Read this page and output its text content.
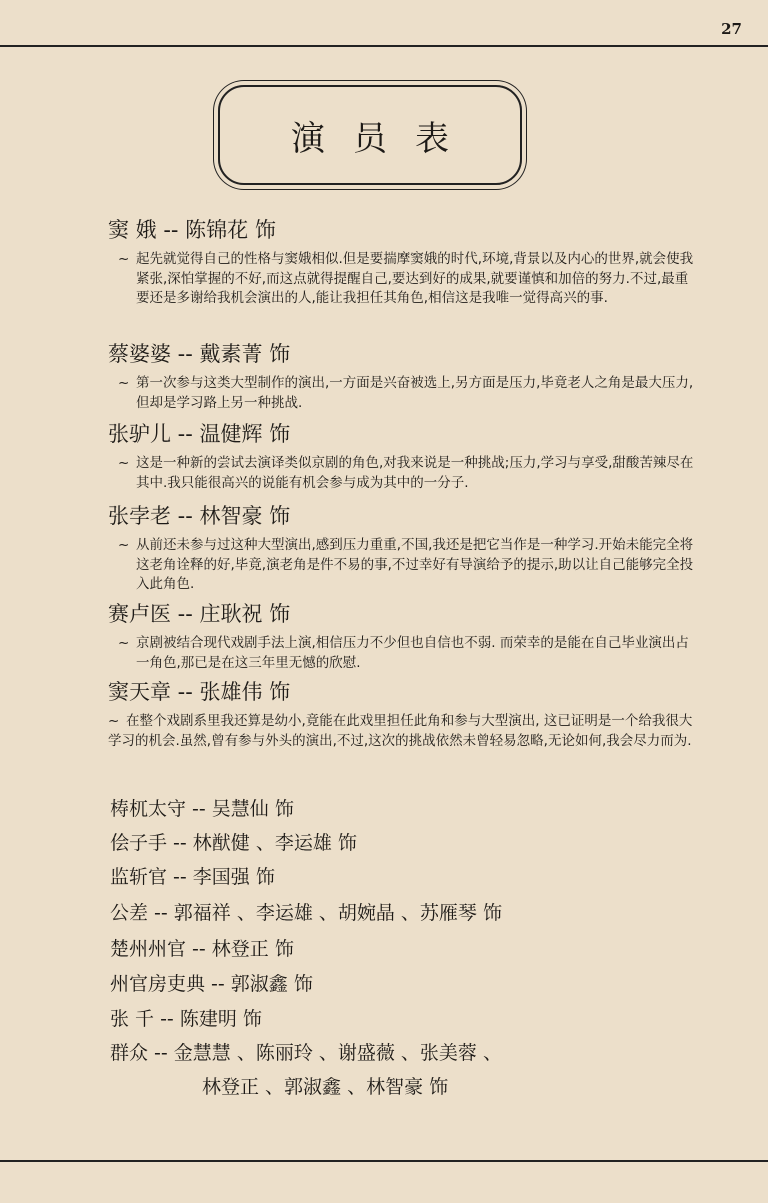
27
演员表
窦 娥 -- 陈锦花 饰
~ 起先就觉得自己的性格与窦娥相似.但是要揣摩窦娥的时代,环境,背景以及内心的世界,就会使我紧张,深怕掌握的不好,而这点就得提醒自己,要达到好的成果,就要谨慎和加倍的努力.不过,最重要还是多谢给我机会演出的人,能让我担任其角色,相信这是我唯一觉得高兴的事.
蔡婆婆 -- 戴素菁 饰
~ 第一次参与这类大型制作的演出,一方面是兴奋被选上,另方面是压力,毕竟老人之角是最大压力,但却是学习路上另一种挑战.
张驴儿 -- 温健辉 饰
~ 这是一种新的尝试去演译类似京剧的角色,对我来说是一种挑战;压力,学习与享受,甜酸苦辣尽在其中.我只能很高兴的说能有机会参与成为其中的一分子.
张孛老 -- 林智豪 饰
~ 从前还未参与过这种大型演出,感到压力重重,不国,我还是把它当作是一种学习.开始未能完全将这老角诠释的好,毕竟,演老角是件不易的事,不过幸好有导演给予的提示,助以让自己能够完全投入此角色.
赛卢医 -- 庄耿祝 饰
~ 京剧被结合现代戏剧手法上演,相信压力不少但也自信也不弱. 而荣幸的是能在自己毕业演出占一角色,那已是在这三年里无憾的欣慰.
窦天章 -- 张雄伟 饰
~ 在整个戏剧系里我还算是幼小,竟能在此戏里担任此角和参与大型演出, 这已证明是一个给我很大学习的机会.虽然,曾有参与外头的演出,不过,这次的挑战依然未曾轻易忽略,无论如何,我会尽力而为.
梼杌太守 -- 吴慧仙 饰
侩子手 -- 林猷健 、李运雄 饰
监斩官 -- 李国强 饰
公差 -- 郭福祥 、李运雄 、胡婉晶 、苏雁琴 饰
楚州州官 -- 林登正 饰
州官房吏典 -- 郭淑鑫 饰
张 千 -- 陈建明 饰
群众 -- 金慧慧 、陈丽玲 、谢盛薇 、张美蓉 、
林登正 、郭淑鑫 、林智豪 饰
